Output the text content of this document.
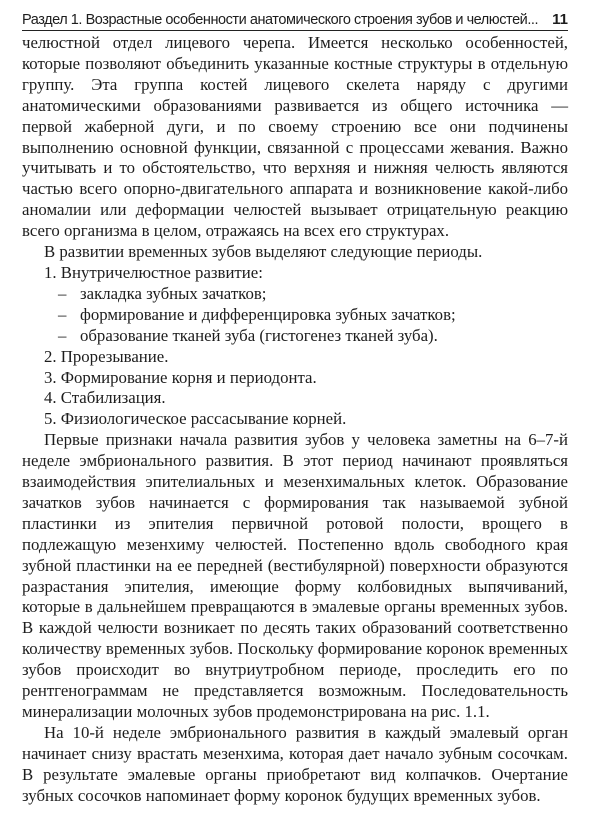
Раздел 1. Возрастные особенности анатомического строения зубов и челюстей... 11

челюстной отдел лицевого черепа. Имеется несколько особенностей, которые позволяют объединить указанные костные структуры в отдельную группу. Эта группа костей лицевого скелета наряду с другими анатомическими образованиями развивается из общего источника — первой жаберной дуги, и по своему строению все они подчинены выполнению основной функции, связанной с процессами жевания. Важно учитывать и то обстоятельство, что верхняя и нижняя челюсть являются частью всего опорно-двигательного аппарата и возникновение какой-либо аномалии или деформации челюстей вызывает отрицательную реакцию всего организма в целом, отражаясь на всех его структурах.

В развитии временных зубов выделяют следующие периоды.

1. Внутричелюстное развитие:

– закладка зубных зачатков;

– формирование и дифференцировка зубных зачатков;

– образование тканей зуба (гистогенез тканей зуба).

2. Прорезывание.

3. Формирование корня и периодонта.

4. Стабилизация.

5. Физиологическое рассасывание корней.

Первые признаки начала развития зубов у человека заметны на 6–7-й неделе эмбрионального развития. В этот период начинают проявляться взаимодействия эпителиальных и мезенхимальных клеток. Образование зачатков зубов начинается с формирования так называемой зубной пластинки из эпителия первичной ротовой полости, врощего в подлежащую мезенхиму челюстей. Постепенно вдоль свободного края зубной пластинки на ее передней (вестибулярной) поверхности образуются разрастания эпителия, имеющие форму колбовидных выпячиваний, которые в дальнейшем превращаются в эмалевые органы временных зубов. В каждой челюсти возникает по десять таких образований соответственно количеству временных зубов. Поскольку формирование коронок временных зубов происходит во внутриутробном периоде, проследить его по рентгенограммам не представляется возможным. Последовательность минерализации молочных зубов продемонстрирована на рис. 1.1.

На 10-й неделе эмбрионального развития в каждый эмалевый орган начинает снизу врастать мезенхима, которая дает начало зубным сосочкам. В результате эмалевые органы приобретают вид колпачков. Очертание зубных сосочков напоминает форму коронок будущих временных зубов.
